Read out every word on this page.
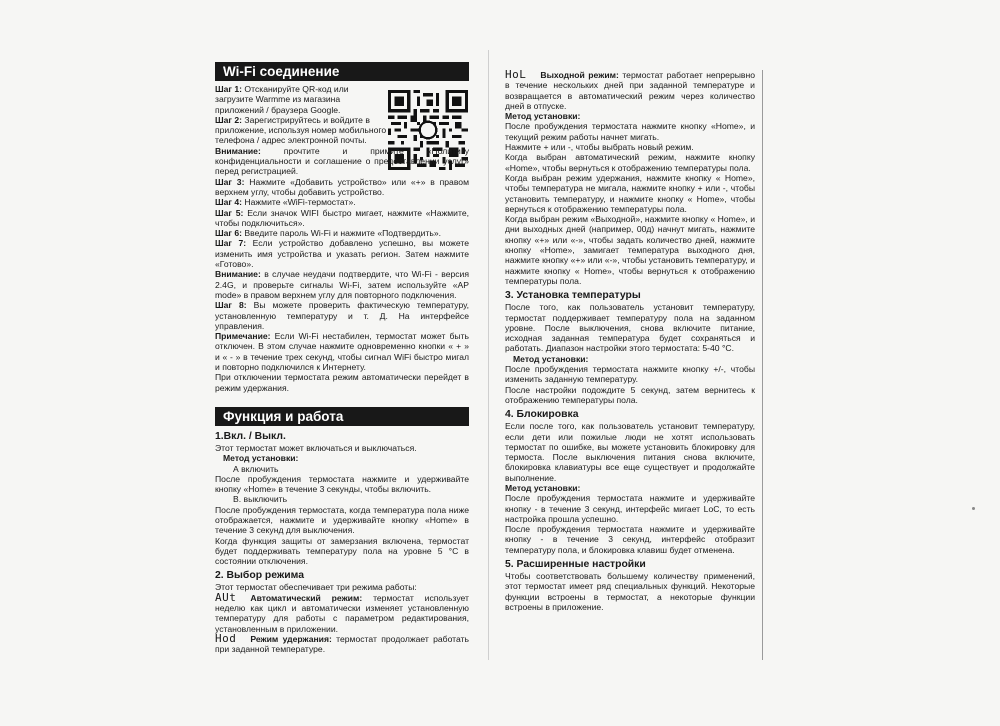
Wi-Fi соединение

Шаг 1: Отсканируйте QR-код или загрузите Warmme из магазина приложений / браузера Google.

Шаг 2: Зарегистрируйтесь и войдите в приложение, используя номер мобильного телефона / адрес электронной почты.

Внимание:	прочтите и примите «Политику конфиденциальности и соглашение о предоставлении услуг» перед регистрацией.

Шаг 3: Нажмите «Добавить устройство» или «+» в правом верхнем углу, чтобы добавить устройство.

Шаг 4: Нажмите «WiFi-термостат».

Шаг 5: Если значок WIFI быстро мигает, нажмите «Нажмите, чтобы подключиться».

Шаг 6: Введите пароль Wi-Fi и нажмите «Подтвердить».

Шаг 7: Если устройство добавлено успешно, вы можете изменить имя устройства и указать регион. Затем нажмите «Готово».

Внимание: в случае неудачи подтвердите, что Wi-Fi - версия 2.4G, и проверьте сигналы Wi-Fi, затем используйте «AP mode» в правом верхнем углу для повторного подключения.

Шаг 8: Вы можете проверить фактическую температуру, установленную температуру и т. Д. На интерфейсе управления.

Примечание: Если Wi-Fi нестабилен, термостат может быть отключен. В этом случае нажмите одновременно кнопки « + » и « - » в течение трех секунд, чтобы сигнал WiFi быстро мигал и повторно подключился к Интернету.

При отключении термостата режим автоматически перейдет в режим удержания.

Функция и работа
1.Вкл. / Выкл.

Этот термостат может включаться и выключаться.

Метод установки:

А включить

После пробуждения термостата нажмите и удерживайте кнопку «Home» в течение 3 секунды, чтобы включить.

В. выключить

После пробуждения термостата, когда температура пола ниже отображается, нажмите и удерживайте кнопку «Home» в течение 3 секунд для выключения.

Когда функция защиты от замерзания включена, термостат будет поддерживать температуру пола на уровне 5 °C в состоянии отключения.

2. Выбор режима

Этот термостат обеспечивает три режима работы:

AUt Автоматический режим: термостат использует неделю как цикл и автоматически изменяет установленную температуру для работы с параметром редактирования, установленным в приложении.

Hod Режим удержания: термостат продолжает работать при заданной температуре.

HoL Выходной режим: термостат работает непрерывно в течение нескольких дней при заданной температуре и возвращается в автоматический режим через количество дней в отпуске.

Метод установки:

После пробуждения термостата нажмите кнопку «Home», и текущий режим работы начнет мигать.

Нажмите + или -, чтобы выбрать новый режим.

Когда выбран автоматический режим, нажмите кнопку «Home», чтобы вернуться к отображению температуры пола.

Когда выбран режим удержания, нажмите кнопку « Home», чтобы температура не мигала, нажмите кнопку + или -, чтобы установить температуру, и нажмите кнопку « Home», чтобы вернуться к отображению температуры пола.

Когда выбран режим «Выходной», нажмите кнопку « Home», и дни выходных дней (например, 00д) начнут мигать, нажмите кнопку «+» или «-», чтобы задать количество дней, нажмите кнопку «Home», замигает температура выходного дня, нажмите кнопку «+» или «-», чтобы установить температуру, и нажмите кнопку « Home», чтобы вернуться к отображению температуры пола.

3. Установка температуры

После того, как пользователь установит температуру, термостат поддерживает температуру пола на заданном уровне. После выключения, снова включите питание, исходная заданная температура будет сохраняться и работать. Диапазон настройки этого термостата: 5-40 °C.

Метод установки:

После пробуждения термостата нажмите кнопку +/-, чтобы изменить заданную температуру.

После настройки подождите 5 секунд, затем вернитесь к отображению температуры пола.

4. Блокировка

Если после того, как пользователь установит температуру, если дети или пожилые люди не хотят использовать термостат по ошибке, вы можете установить блокировку для термоста. После выключения питания снова включите, блокировка клавиатуры все еще существует и продолжайте выполнение.

Метод установки:

После пробуждения термостата нажмите и удерживайте кнопку - в течение 3 секунд, интерфейс мигает LoC, то есть настройка прошла успешно.

После пробуждения термостата нажмите и удерживайте кнопку - в течение 3 секунд, интерфейс отобразит температуру пола, и блокировка клавиш будет отменена.

5. Расширенные настройки

Чтобы соответствовать большему количеству применений, этот термостат имеет ряд специальных функций. Некоторые функции встроены в термостат, а некоторые функции встроены в приложение.
